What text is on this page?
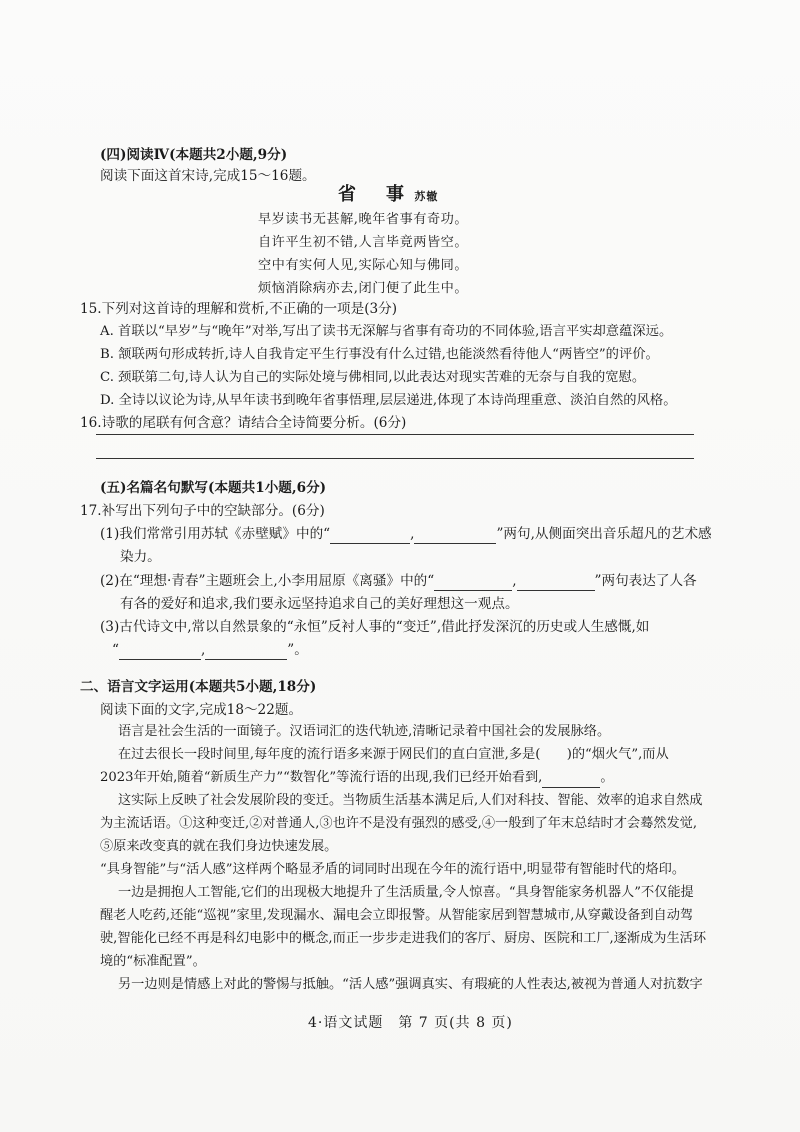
(四)阅读Ⅳ(本题共2小题,9分)
阅读下面这首宋诗,完成15～16题。
省　事 苏辙
早岁读书无甚解,晚年省事有奇功。
自许平生初不错,人言毕竟两皆空。
空中有实何人见,实际心知与佛同。
烦恼消除病亦去,闭门便了此生中。
15.下列对这首诗的理解和赏析,不正确的一项是(3分)
A. 首联以“早岁”与“晚年”对举,写出了读书无深解与省事有奇功的不同体验,语言平实却意蕴深远。
B. 颔联两句形成转折,诗人自我肯定平生行事没有什么过错,也能淡然看待他人“两皆空”的评价。
C. 颈联第二句,诗人认为自己的实际处境与佛相同,以此表达对现实苦难的无奈与自我的宽慰。
D. 全诗以议论为诗,从早年读书到晚年省事悟理,层层递进,体现了本诗尚理重意、淡泊自然的风格。
16.诗歌的尾联有何含意？请结合全诗简要分析。(6分)
(五)名篇名句默写(本题共1小题,6分)
17.补写出下列句子中的空缺部分。(6分)
(1)我们常常引用苏轼《赤壁赋》中的“	,	”两句,从侧面突出音乐超凡的艺术感
染力。
(2)在“理想·青春”主题班会上,小李用屈原《离骚》中的“	,	”两句表达了人各
有各的爱好和追求,我们要永远坚持追求自己的美好理想这一观点。
(3)古代诗文中,常以自然景象的“永恒”反衬人事的“变迁”,借此抒发深沉的历史或人生感慨,如
“	,	”。
二、语言文字运用(本题共5小题,18分)
阅读下面的文字,完成18～22题。
语言是社会生活的一面镜子。汉语词汇的迭代轨迹,清晰记录着中国社会的发展脉络。
在过去很长一段时间里,每年度的流行语多来源于网民们的直白宣泄,多是(　　)的“烟火气”,而从
2023年开始,随着“新质生产力”“数智化”等流行语的出现,我们已经开始看到,	。
这实际上反映了社会发展阶段的变迁。当物质生活基本满足后,人们对科技、智能、效率的追求自然成
为主流话语。①这种变迁,②对普通人,③也许不是没有强烈的感受,④一般到了年末总结时才会蓦然发觉,
⑤原来改变真的就在我们身边快速发展。
“具身智能”与“活人感”这样两个略显矛盾的词同时出现在今年的流行语中,明显带有智能时代的烙印。
一边是拥抱人工智能,它们的出现极大地提升了生活质量,令人惊喜。“具身智能家务机器人”不仅能提
醒老人吃药,还能“巡视”家里,发现漏水、漏电会立即报警。从智能家居到智慧城市,从穿戴设备到自动驾
驶,智能化已经不再是科幻电影中的概念,而正一步步走进我们的客厅、厨房、医院和工厂,逐渐成为生活环
境的“标准配置”。
另一边则是情感上对此的警惕与抵触。“活人感”强调真实、有瑕疵的人性表达,被视为普通人对抗数字
4·语文试题　第 7 页(共 8 页)
